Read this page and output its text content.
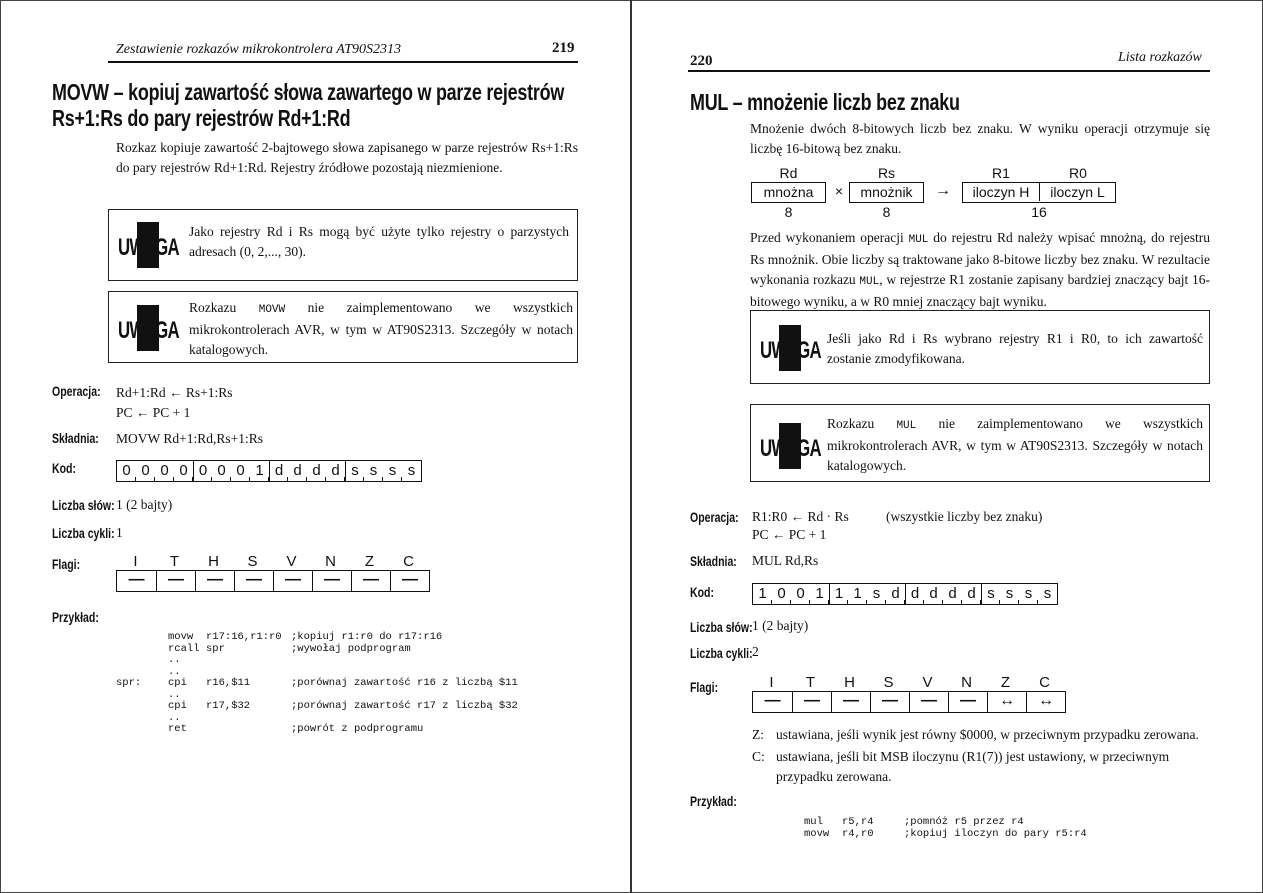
Zestawienie rozkazów mikrokontrolera AT90S2313	219
MOVW – kopiuj zawartość słowa zawartego w parze rejestrów
Rs+1:Rs do pary rejestrów Rd+1:Rd
Rozkaz kopiuje zawartość 2-bajtowego słowa zapisanego w parze rejestrów Rs+1:Rs do pary rejestrów Rd+1:Rd. Rejestry źródłowe pozostają niezmienione.
UWAGA
Jako rejestry Rd i Rs mogą być użyte tylko rejestry o parzystych adresach (0, 2,..., 30).
UWAGA
Rozkazu MOVW nie zaimplementowano we wszystkich mikrokontrolerach AVR, w tym w AT90S2313. Szczegóły w notach katalogowych.
Operacja: Rd+1:Rd ← Rs+1:Rs
PC ← PC + 1
Składnia: MOVW Rd+1:Rd,Rs+1:Rs
Kod:	0 0 0 0 0 0 0 1 d d d d s s s s
Liczba słów: 1 (2 bajty)
Liczba cykli: 1
Flagi:	I	T	H	S	V	N	Z	C
—	—	—	—	—	—	—	—
Przykład:
movw r17:16,r1:r0 ;kopiuj r1:r0 do r17:r16
rcall spr	;wywołaj podprogram
..
..
spr:	cpi r16,$11	;porównaj zawartość r16 z liczbą $11
..
cpi r17,$32	;porównaj zawartość r17 z liczbą $32
..
ret	;powrót z podprogramu
220	Lista rozkazów
MUL – mnożenie liczb bez znaku
Mnożenie dwóch 8-bitowych liczb bez znaku. W wyniku operacji otrzymuje się liczbę 16-bitową bez znaku.
Rd	Rs	R1	R0
mnożna	×	mnożnik	→	iloczyn H	iloczyn L
8	8	16
Przed wykonaniem operacji MUL do rejestru Rd należy wpisać mnożną, do rejestru Rs mnożnik. Obie liczby są traktowane jako 8-bitowe liczby bez znaku. W rezultacie wykonania rozkazu MUL, w rejestrze R1 zostanie zapisany bardziej znaczący bajt 16-bitowego wyniku, a w R0 mniej znaczący bajt wyniku.
UWAGA Jeśli jako Rd i Rs wybrano rejestry R1 i R0, to ich zawartość zostanie zmodyfikowana.
UWAGA
Rozkazu MUL nie zaimplementowano we wszystkich mikrokontrolerach AVR, w tym w AT90S2313. Szczegóły w notach katalogowych.
Operacja: R1:R0 ← Rd · Rs	(wszystkie liczby bez znaku)
PC ← PC + 1
Składnia: MUL Rd,Rs
Kod:	1 0 0 1 1 1 s d d d d d s s s s
Liczba słów: 1 (2 bajty)
Liczba cykli: 2
Flagi:	I	T	H	S	V	N	Z	C
—	—	—	—	—	—	↔	↔
Z: ustawiana, jeśli wynik jest równy $0000, w przeciwnym przypadku zerowana.
C: ustawiana, jeśli bit MSB iloczynu (R1(7)) jest ustawiony, w przeciwnym przypadku zerowana.
Przykład:
mul r5,r4	;pomnóż r5 przez r4
movw r4,r0	;kopiuj iloczyn do pary r5:r4
